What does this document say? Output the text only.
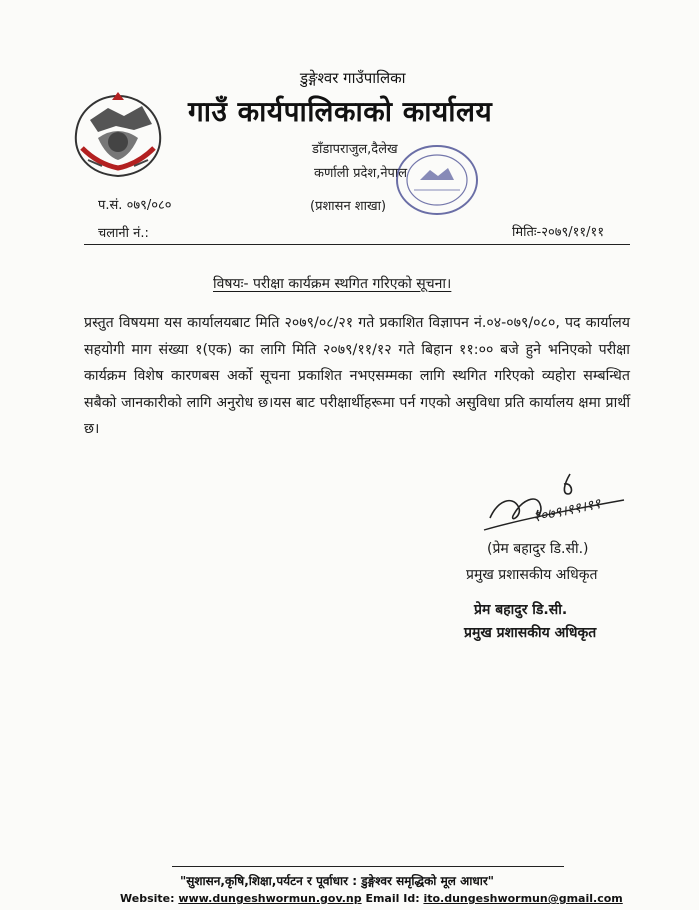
डुङ्गेश्वर गाउँपालिका
गाउँ कार्यपालिकाको कार्यालय
डाँडापराजुल,दैलेख
कर्णाली प्रदेश,नेपाल
(प्रशासन शाखा)
प.सं. ०७९/०८०
चलानी नं.:	मितिः-२०७९/११/११
विषयः- परीक्षा कार्यक्रम स्थगित गरिएको सूचना।
प्रस्तुत विषयमा यस कार्यालयबाट मिति २०७९/०८/२१ गते प्रकाशित विज्ञापन नं.०४-०७९/०८०, पद कार्यालय सहयोगी माग संख्या १(एक) का लागि मिति २०७९/११/१२ गते बिहान ११:०० बजे हुने भनिएको परीक्षा कार्यक्रम विशेष कारणबस अर्को सूचना प्रकाशित नभएसम्मका लागि स्थगित गरिएको व्यहोरा सम्बन्धित सबैको जानकारीको लागि अनुरोध छ।यस बाट परीक्षार्थीहरूमा पर्न गएको असुविधा प्रति कार्यालय क्षमा प्रार्थी छ।
२०७९।११।११
(प्रेम बहादुर डि.सी.)
प्रमुख प्रशासकीय अधिकृत
प्रेम बहादुर डि.सी.
प्रमुख प्रशासकीय अधिकृत
"सुशासन,कृषि,शिक्षा,पर्यटन र पूर्वाधार : डुङ्गेश्वर समृद्धिको मूल आधार"
Website: www.dungeshwormun.gov.np Email Id: ito.dungeshwormun@gmail.com
